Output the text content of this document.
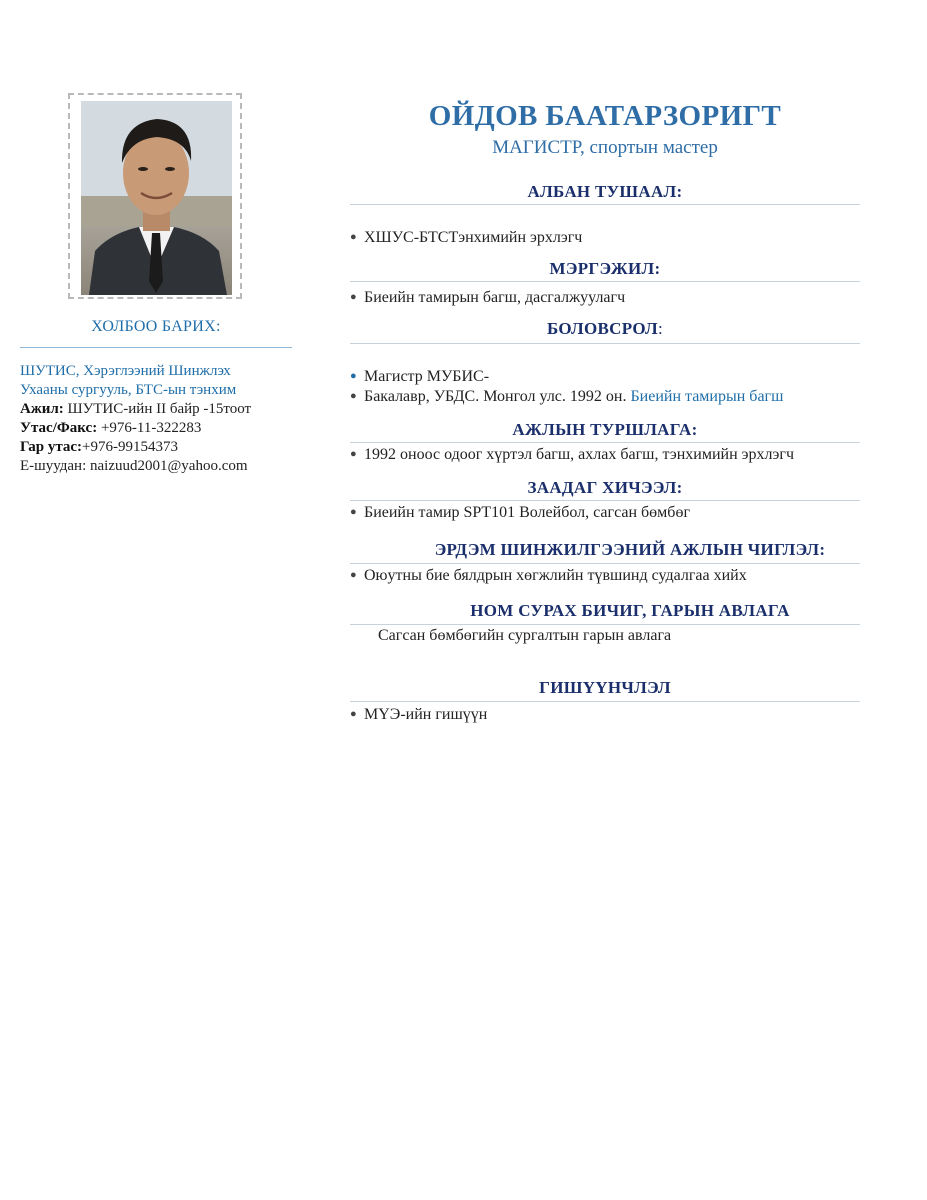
ХОЛБОО БАРИХ:
ШУТИС, Хэрэглээний Шинжлэх
Ухааны сургууль, БТС-ын тэнхим
Ажил: ШУТИС-ийн II байр -15тоот
Утас/Факс: +976-11-322283
Гар утас:+976-99154373
E-шуудан: naizuud2001@yahoo.com
ОЙДОВ БААТАРЗОРИГТ
МАГИСТР, спортын мастер
АЛБАН ТУШААЛ:
● ХШУС-БТСТэнхимийн эрхлэгч
МЭРГЭЖИЛ:
● Биеийн тамирын багш, дасгалжуулагч
БОЛОВСРОЛ:
● Магистр МУБИС-
● Бакалавр, УБДС. Монгол улс. 1992 он. Биеийн тамирын багш
АЖЛЫН ТУРШЛАГА:
● 1992 оноос одоог хүртэл багш, ахлах багш, тэнхимийн эрхлэгч
ЗААДАГ ХИЧЭЭЛ:
● Биеийн тамир SPT101 Волейбол, сагсан бөмбөг
ЭРДЭМ ШИНЖИЛГЭЭНИЙ АЖЛЫН ЧИГЛЭЛ:
● Оюутны бие бялдрын хөгжлийн түвшинд судалгаа хийх
НОМ СУРАХ БИЧИГ, ГАРЫН АВЛАГА
Сагсан бөмбөгийн сургалтын гарын авлага
ГИШҮҮНЧЛЭЛ
● МҮЭ-ийн гишүүн
